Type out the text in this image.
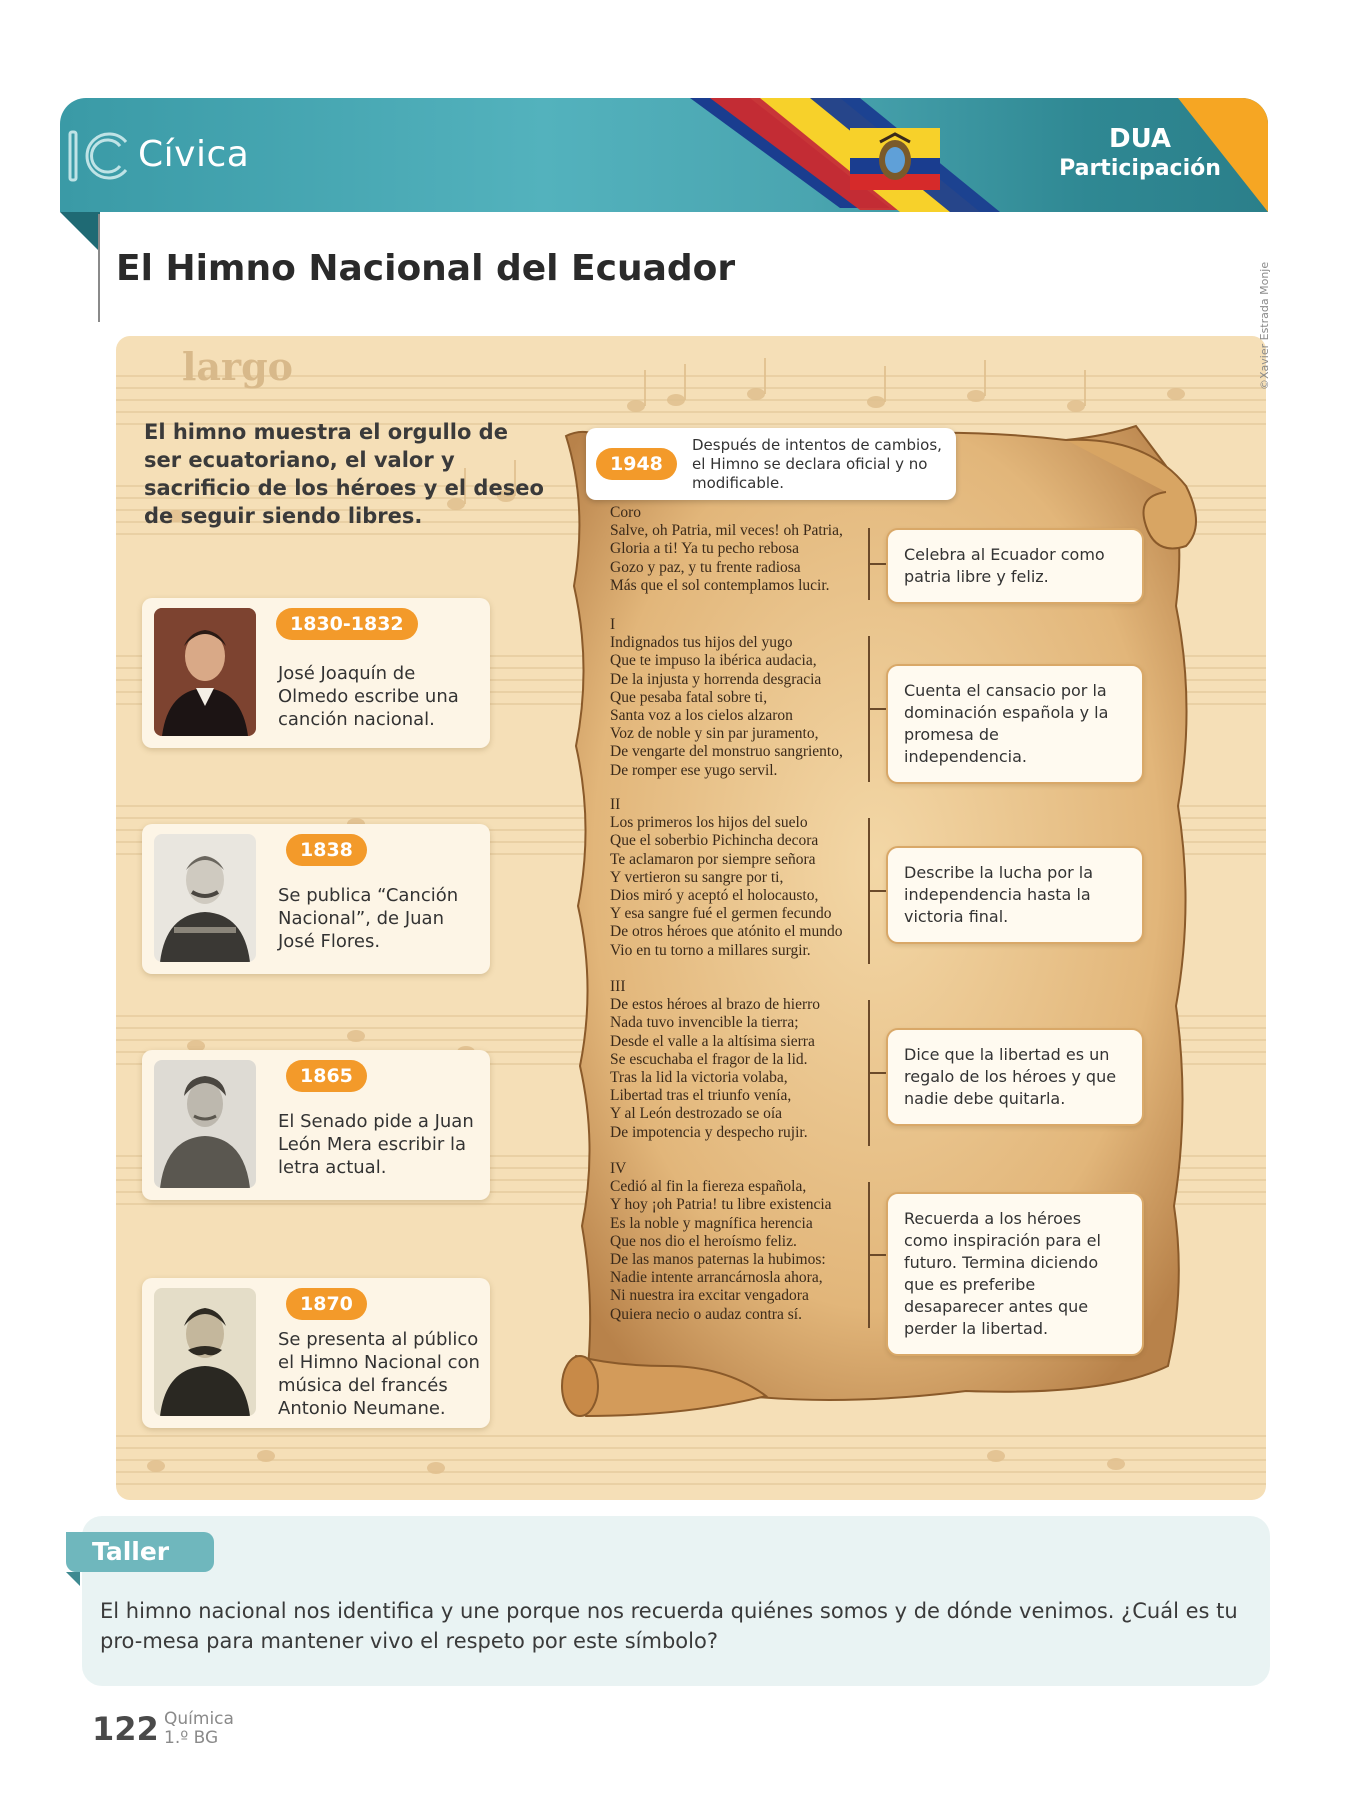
Cívica	DUA
Participación
El Himno Nacional del Ecuador
largo

El himno muestra el orgullo de ser ecuatoriano, el valor y sacrificio de los héroes y el deseo de seguir siendo libres.

1830-1832

José Joaquín de Olmedo escribe una canción nacional.

1838

Se publica “Canción Nacional”, de Juan José Flores.

1865

El Senado pide a Juan León Mera escribir la letra actual.

1870

Se presenta al público el Himno Nacional con música del francés Antonio Neumane.

1948

Después de intentos de cambios, el Himno se declara oficial y no modificable.

Coro
Salve, oh Patria, mil veces! oh Patria,
Gloria a ti! Ya tu pecho rebosa
Gozo y paz, y tu frente radiosa
Más que el sol contemplamos lucir.
I
Indignados tus hijos del yugo
Que te impuso la ibérica audacia,
De la injusta y horrenda desgracia
Que pesaba fatal sobre ti,
Santa voz a los cielos alzaron
Voz de noble y sin par juramento,
De vengarte del monstruo sangriento,
De romper ese yugo servil.
II
Los primeros los hijos del suelo
Que el soberbio Pichincha decora
Te aclamaron por siempre señora
Y vertieron su sangre por ti,
Dios miró y aceptó el holocausto,
Y esa sangre fué el germen fecundo
De otros héroes que atónito el mundo
Vio en tu torno a millares surgir.
III
De estos héroes al brazo de hierro
Nada tuvo invencible la tierra;
Desde el valle a la altísima sierra
Se escuchaba el fragor de la lid.
Tras la lid la victoria volaba,
Libertad tras el triunfo venía,
Y al León destrozado se oía
De impotencia y despecho rujir.
IV
Cedió al fin la fiereza española,
Y hoy ¡oh Patria! tu libre existencia
Es la noble y magnífica herencia
Que nos dio el heroísmo feliz.
De las manos paternas la hubimos:
Nadie intente arrancárnosla ahora,
Ni nuestra ira excitar vengadora
Quiera necio o audaz contra sí.
Celebra al Ecuador como patria libre y feliz.
Cuenta el cansacio por la dominación española y la promesa de independencia.
Describe la lucha por la independencia hasta la victoria final.
Dice que la libertad es un regalo de los héroes y que nadie debe quitarla.
Recuerda a los héroes como inspiración para el futuro. Termina diciendo que es preferibe desaparecer antes que perder la libertad.
©Xavier Estrada Monje
Taller

El himno nacional nos identifica y une porque nos recuerda quiénes somos y de dónde venimos. ¿Cuál es tu pro-mesa para mantener vivo el respeto por este símbolo?

122 Química
1.º BG
